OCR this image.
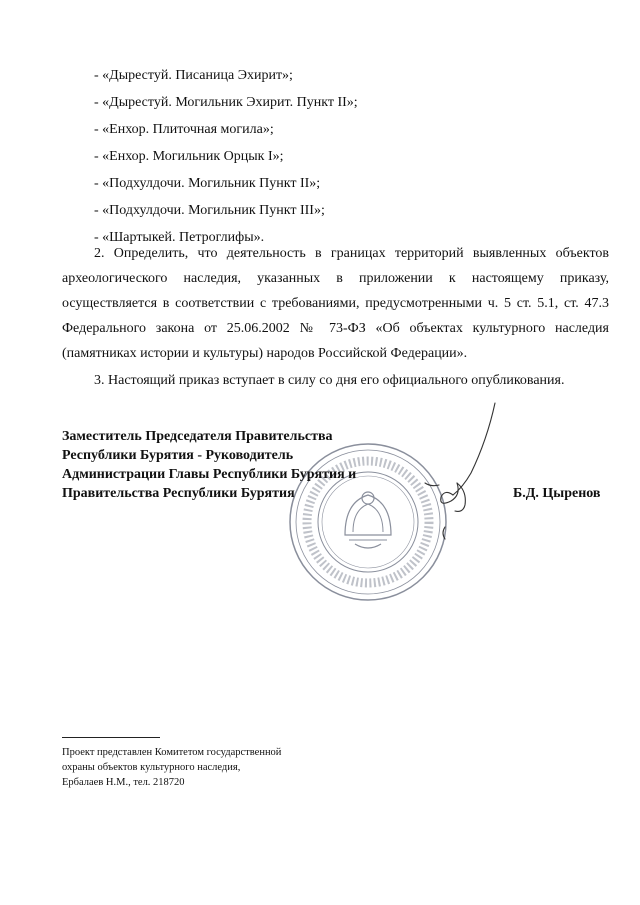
- «Дырестуй. Писаница Эхирит»;
- «Дырестуй. Могильник Эхирит. Пункт II»;
- «Енхор. Плиточная могила»;
- «Енхор. Могильник Орцык I»;
- «Подхулдочи. Могильник Пункт II»;
- «Подхулдочи. Могильник Пункт III»;
- «Шартыкей. Петроглифы».

2. Определить, что деятельность в границах территорий выявленных объектов археологического наследия, указанных в приложении к настоящему приказу, осуществляется в соответствии с требованиями, предусмотренными ч. 5 ст. 5.1, ст. 47.3 Федерального закона от 25.06.2002 № 73-ФЗ «Об объектах культурного наследия (памятниках истории и культуры) народов Российской Федерации».

3. Настоящий приказ вступает в силу со дня его официального опубликования.

Заместитель Председателя Правительства
Республики Бурятия - Руководитель
Администрации Главы Республики Бурятия и
Правительства Республики Бурятия	Б.Д. Цыренов
Проект представлен Комитетом государственной
охраны объектов культурного наследия,
Ербалаев Н.М., тел. 218720
